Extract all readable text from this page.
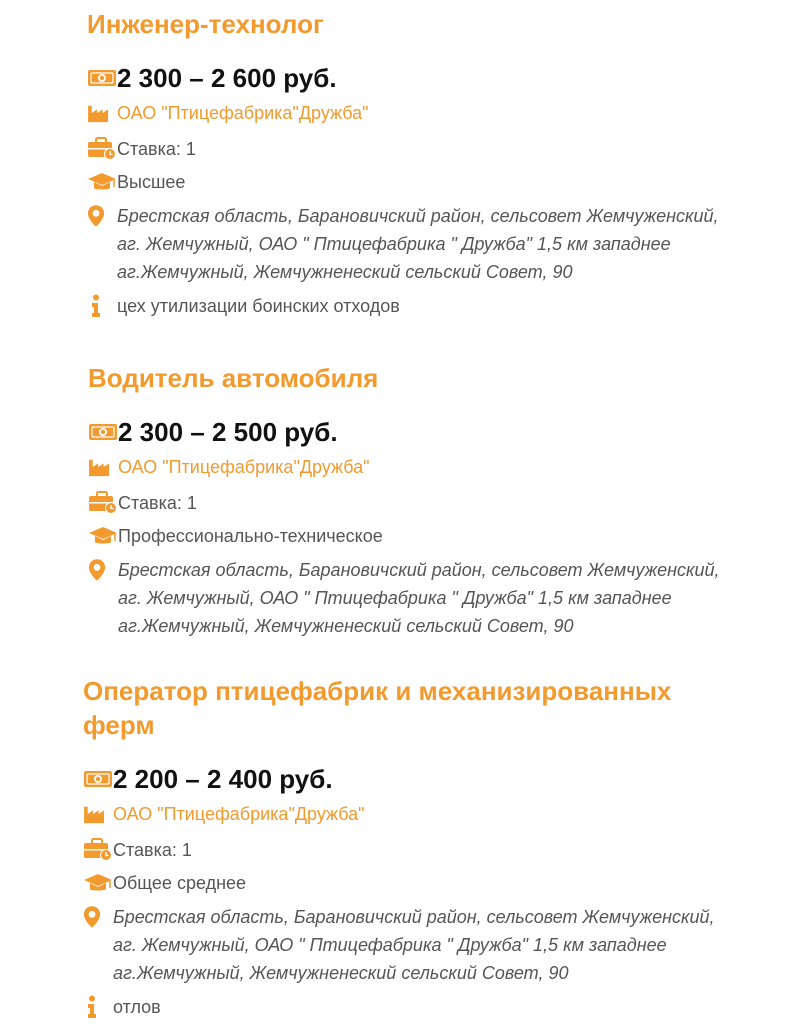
Инженер-технолог
2 300 – 2 600 руб.
ОАО "Птицефабрика"Дружба"
Ставка: 1
Высшее
Брестская область, Барановичский район, сельсовет Жемчуженский, аг. Жемчужный, ОАО " Птицефабрика " Дружба" 1,5 км западнее аг.Жемчужный, Жемчужненеский сельский Совет, 90
цех утилизации боинских отходов
Водитель автомобиля
2 300 – 2 500 руб.
ОАО "Птицефабрика"Дружба"
Ставка: 1
Профессионально-техническое
Брестская область, Барановичский район, сельсовет Жемчуженский, аг. Жемчужный, ОАО " Птицефабрика " Дружба" 1,5 км западнее аг.Жемчужный, Жемчужненеский сельский Совет, 90
Оператор птицефабрик и механизированных ферм
2 200 – 2 400 руб.
ОАО "Птицефабрика"Дружба"
Ставка: 1
Общее среднее
Брестская область, Барановичский район, сельсовет Жемчуженский, аг. Жемчужный, ОАО " Птицефабрика " Дружба" 1,5 км западнее аг.Жемчужный, Жемчужненеский сельский Совет, 90
отлов
